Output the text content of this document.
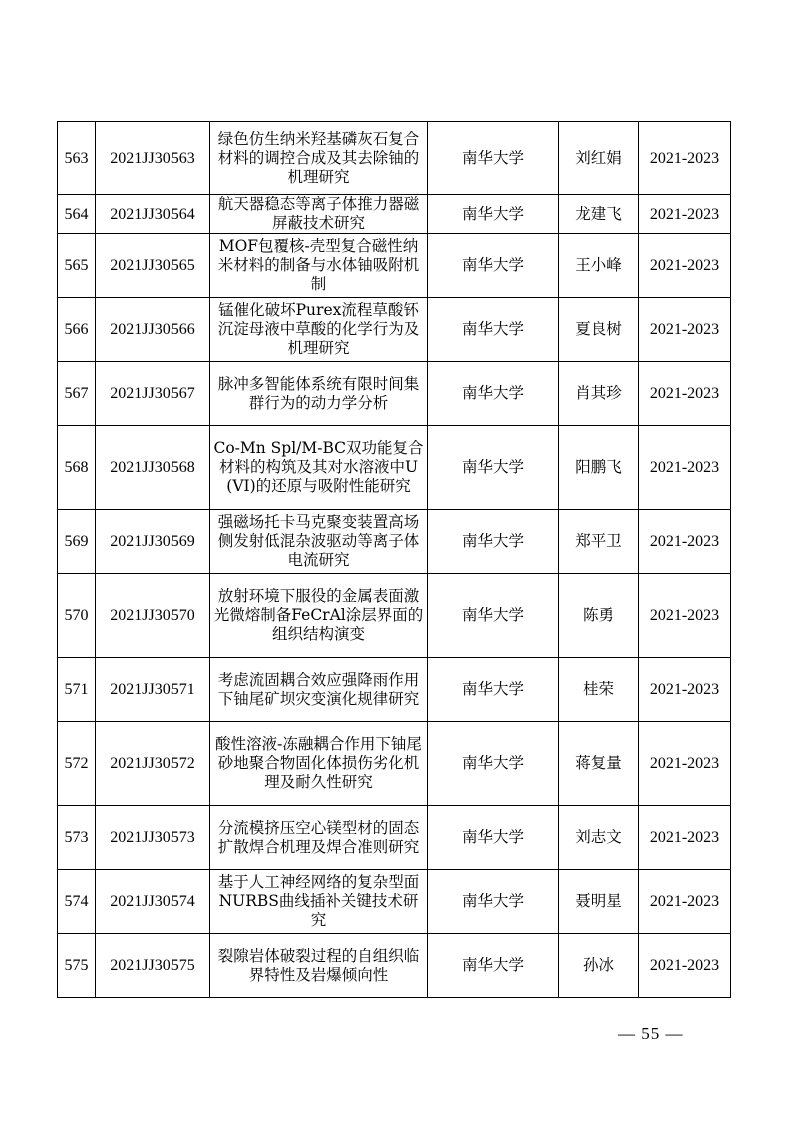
563	2021JJ30563	绿色仿生纳米羟基磷灰石复合材料的调控合成及其去除铀的机理研究	南华大学	刘红娟	2021-2023
564	2021JJ30564	航天器稳态等离子体推力器磁屏蔽技术研究	南华大学	龙建飞	2021-2023
565	2021JJ30565	MOF包覆核-壳型复合磁性纳米材料的制备与水体铀吸附机制	南华大学	王小峰	2021-2023
566	2021JJ30566	锰催化破坏Purex流程草酸钚沉淀母液中草酸的化学行为及机理研究	南华大学	夏良树	2021-2023
567	2021JJ30567	脉冲多智能体系统有限时间集群行为的动力学分析	南华大学	肖其珍	2021-2023
568	2021JJ30568	Co-Mn Spl/M-BC双功能复合材料的构筑及其对水溶液中U(VI)的还原与吸附性能研究	南华大学	阳鹏飞	2021-2023
569	2021JJ30569	强磁场托卡马克聚变装置高场侧发射低混杂波驱动等离子体电流研究	南华大学	郑平卫	2021-2023
570	2021JJ30570	放射环境下服役的金属表面激光微熔制备FeCrAl涂层界面的组织结构演变	南华大学	陈勇	2021-2023
571	2021JJ30571	考虑流固耦合效应强降雨作用下铀尾矿坝灾变演化规律研究	南华大学	桂荣	2021-2023
572	2021JJ30572	酸性溶液-冻融耦合作用下铀尾砂地聚合物固化体损伤劣化机理及耐久性研究	南华大学	蒋复量	2021-2023
573	2021JJ30573	分流模挤压空心镁型材的固态扩散焊合机理及焊合准则研究	南华大学	刘志文	2021-2023
574	2021JJ30574	基于人工神经网络的复杂型面NURBS曲线插补关键技术研究	南华大学	聂明星	2021-2023
575	2021JJ30575	裂隙岩体破裂过程的自组织临界特性及岩爆倾向性	南华大学	孙冰	2021-2023
— 55 —
